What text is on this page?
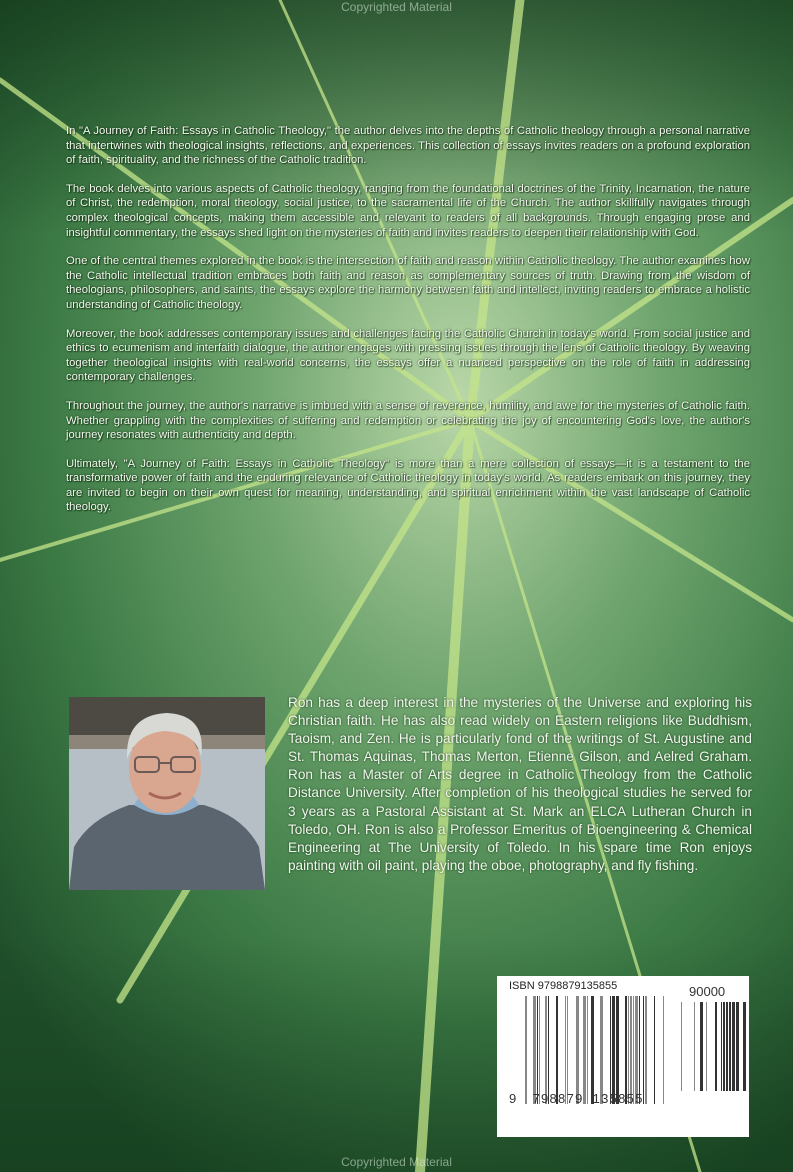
Copyrighted Material

In "A Journey of Faith: Essays in Catholic Theology," the author delves into the depths of Catholic theology through a personal narrative that intertwines with theological insights, reflections, and experiences. This collection of essays invites readers on a profound exploration of faith, spirituality, and the richness of the Catholic tradition.

The book delves into various aspects of Catholic theology, ranging from the foundational doctrines of the Trinity, Incarnation, the nature of Christ, the redemption, moral theology, social justice, to the sacramental life of the Church. The author skillfully navigates through complex theological concepts, making them accessible and relevant to readers of all backgrounds. Through engaging prose and insightful commentary, the essays shed light on the mysteries of faith and invites readers to deepen their relationship with God.

One of the central themes explored in the book is the intersection of faith and reason within Catholic theology. The author examines how the Catholic intellectual tradition embraces both faith and reason as complementary sources of truth. Drawing from the wisdom of theologians, philosophers, and saints, the essays explore the harmony between faith and intellect, inviting readers to embrace a holistic understanding of Catholic theology.

Moreover, the book addresses contemporary issues and challenges facing the Catholic Church in today's world. From social justice and ethics to ecumenism and interfaith dialogue, the author engages with pressing issues through the lens of Catholic theology. By weaving together theological insights with real-world concerns, the essays offer a nuanced perspective on the role of faith in addressing contemporary challenges.

Throughout the journey, the author's narrative is imbued with a sense of reverence, humility, and awe for the mysteries of Catholic faith. Whether grappling with the complexities of suffering and redemption or celebrating the joy of encountering God's love, the author's journey resonates with authenticity and depth.

Ultimately, "A Journey of Faith: Essays in Catholic Theology" is more than a mere collection of essays—it is a testament to the transformative power of faith and the enduring relevance of Catholic theology in today's world. As readers embark on this journey, they are invited to begin on their own quest for meaning, understanding, and spiritual enrichment within the vast landscape of Catholic theology.

Ron has a deep interest in the mysteries of the Universe and exploring his Christian faith. He has also read widely on Eastern religions like Buddhism, Taoism, and Zen. He is particularly fond of the writings of St. Augustine and St. Thomas Aquinas, Thomas Merton, Etienne Gilson, and Aelred Graham. Ron has a Master of Arts degree in Catholic Theology from the Catholic Distance University. After completion of his theological studies he served for 3 years as a Pastoral Assistant at St. Mark an ELCA Lutheran Church in Toledo, OH. Ron is also a Professor Emeritus of Bioengineering & Chemical Engineering at The University of Toledo. In his spare time Ron enjoys painting with oil paint, playing the oboe, photography, and fly fishing.
ISBN 9798879135855	90000
9 798879 135855
Copyrighted Material
